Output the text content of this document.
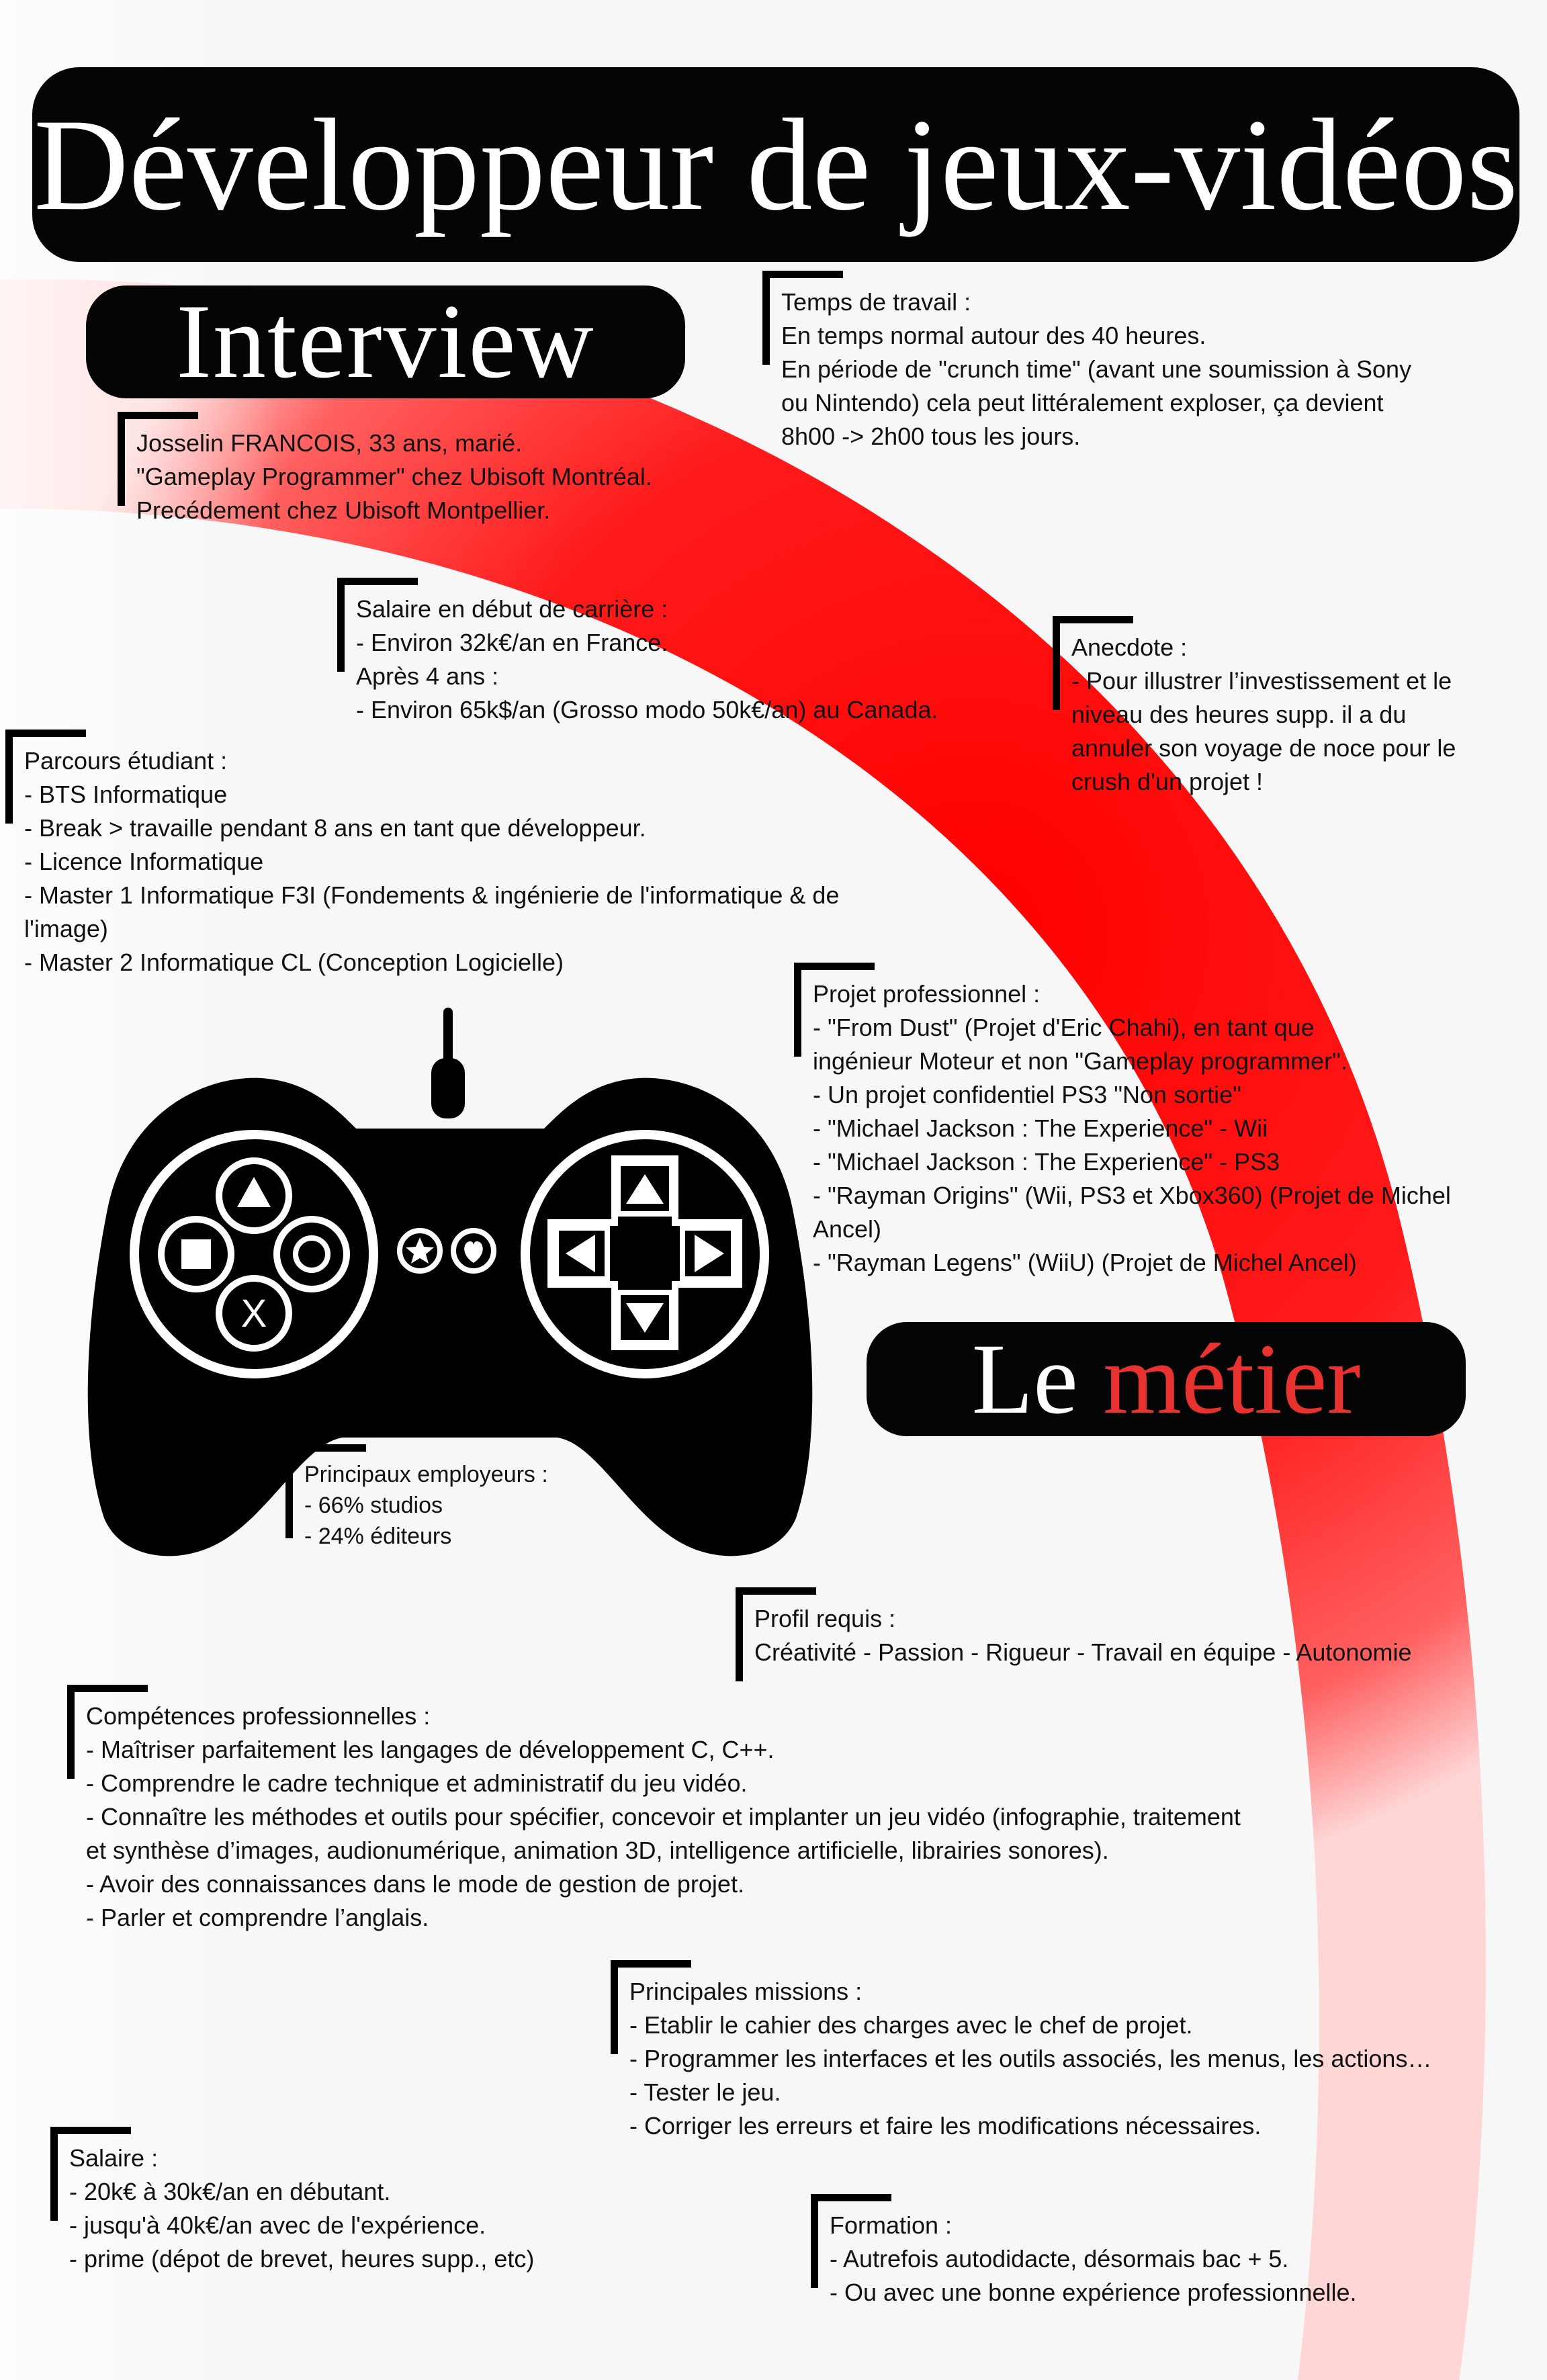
Développeur de jeux-vidéos
Interview
Le
métier
Temps de travail :
En temps normal autour des 40 heures.
En période de "crunch time" (avant une soumission à Sony
ou Nintendo) cela peut littéralement exploser, ça devient
8h00 -> 2h00 tous les jours.
Josselin FRANCOIS, 33 ans, marié.
"Gameplay Programmer" chez Ubisoft Montréal.
Precédement chez Ubisoft Montpellier.
Salaire en début de carrière :
- Environ 32k€/an en France.
Après 4 ans :
- Environ 65k$/an (Grosso modo 50k€/an) au Canada.
Anecdote :
- Pour illustrer l’investissement et le
niveau des heures supp. il a du
annuler son voyage de noce pour le
crush d'un projet !
Parcours étudiant :
- BTS Informatique
- Break > travaille pendant 8 ans en tant que développeur.
- Licence Informatique
- Master 1 Informatique F3I (Fondements & ingénierie de l'informatique & de
l'image)
- Master 2 Informatique CL (Conception Logicielle)
Projet professionnel :
- "From Dust" (Projet d'Eric Chahi), en tant que
ingénieur Moteur et non "Gameplay programmer".
- Un projet confidentiel PS3 "Non sortie"
- "Michael Jackson : The Experience" - Wii
- "Michael Jackson : The Experience" - PS3
- "Rayman Origins" (Wii, PS3 et Xbox360) (Projet de Michel
Ancel)
- "Rayman Legens" (WiiU) (Projet de Michel Ancel)
Principaux employeurs :
- 66% studios
- 24% éditeurs
Profil requis :
Créativité - Passion - Rigueur - Travail en équipe - Autonomie
Compétences professionnelles :
- Maîtriser parfaitement les langages de développement C, C++.
- Comprendre le cadre technique et administratif du jeu vidéo.
- Connaître les méthodes et outils pour spécifier, concevoir et implanter un jeu vidéo (infographie, traitement
et synthèse d’images, audionumérique, animation 3D, intelligence artificielle, librairies sonores).
- Avoir des connaissances dans le mode de gestion de projet.
- Parler et comprendre l’anglais.
Principales missions :
- Etablir le cahier des charges avec le chef de projet.
- Programmer les interfaces et les outils associés, les menus, les actions…
- Tester le jeu.
- Corriger les erreurs et faire les modifications nécessaires.
Salaire :
- 20k€ à 30k€/an en débutant.
- jusqu'à 40k€/an avec de l'expérience.
- prime (dépot de brevet, heures supp., etc)
Formation :
- Autrefois autodidacte, désormais bac + 5.
- Ou avec une bonne expérience professionnelle.
X
